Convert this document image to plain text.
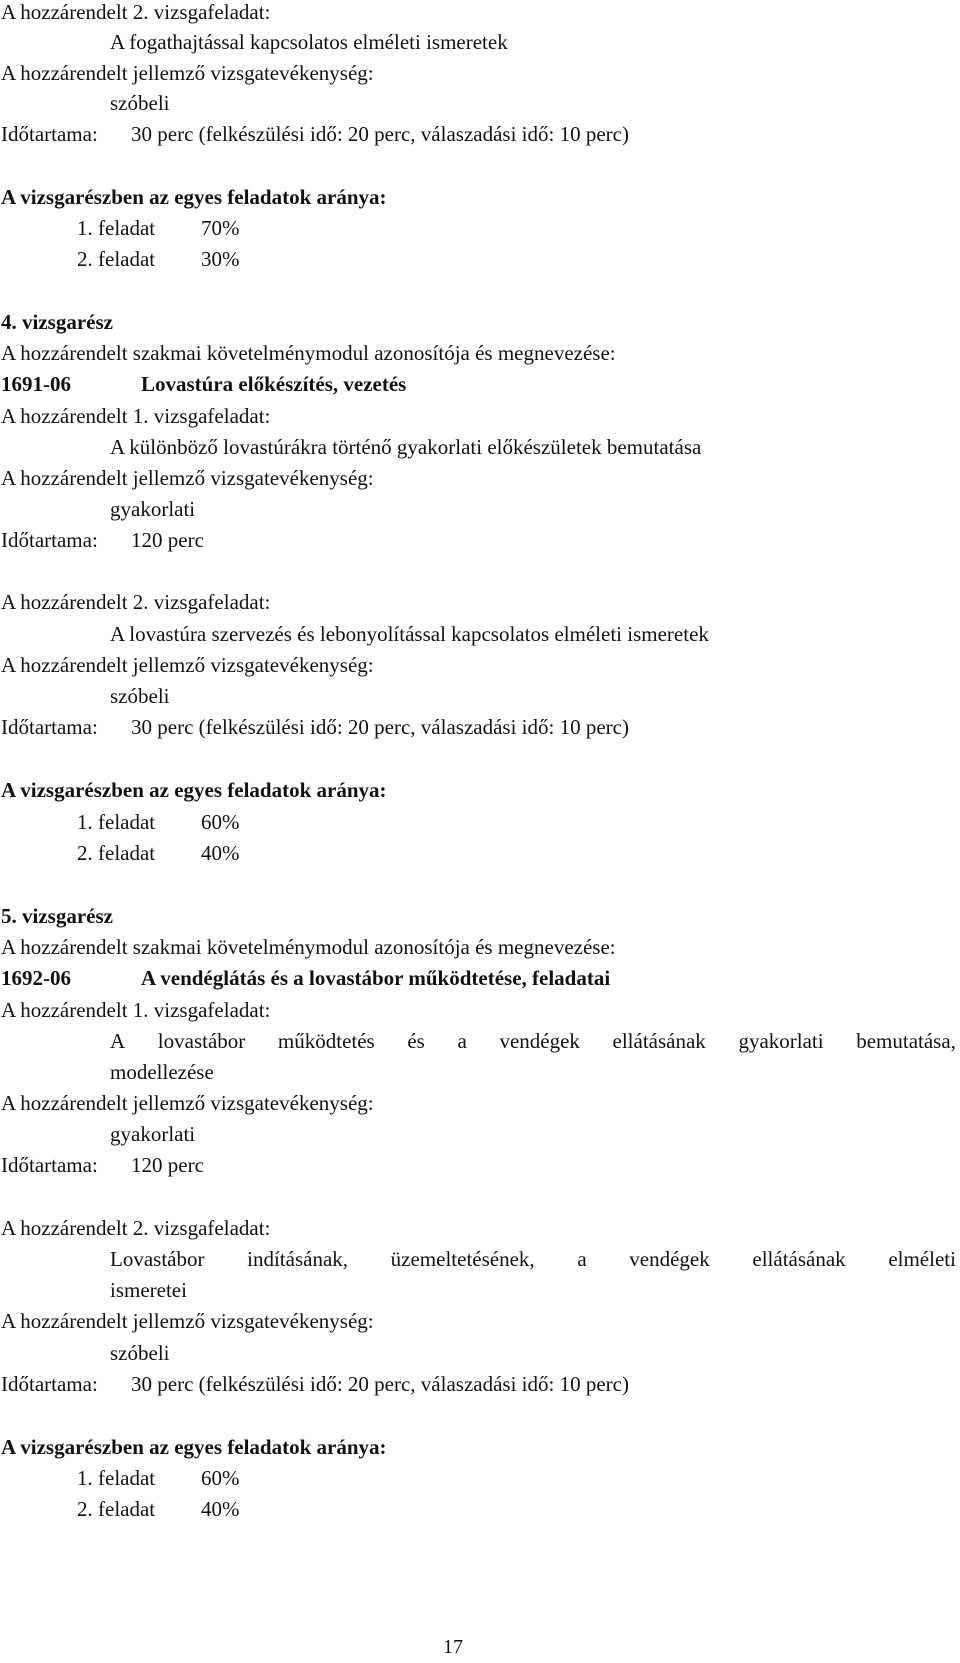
A hozzárendelt 2. vizsgafeladat:
A fogathajtással kapcsolatos elméleti ismeretek
A hozzárendelt jellemző vizsgatevékenység:
szóbeli
Időtartama: 30 perc (felkészülési idő: 20 perc, válaszadási idő: 10 perc)
A vizsgarészben az egyes feladatok aránya:
1. feladat 70%
2. feladat 30%
4. vizsgarész
A hozzárendelt szakmai követelménymodul azonosítója és megnevezése:
1691-06	Lovastúra előkészítés, vezetés
A hozzárendelt 1. vizsgafeladat:
A különböző lovastúrákra történő gyakorlati előkészületek bemutatása
A hozzárendelt jellemző vizsgatevékenység:
gyakorlati
Időtartama: 120 perc
A hozzárendelt 2. vizsgafeladat:
A lovastúra szervezés és lebonyolítással kapcsolatos elméleti ismeretek
A hozzárendelt jellemző vizsgatevékenység:
szóbeli
Időtartama: 30 perc (felkészülési idő: 20 perc, válaszadási idő: 10 perc)
A vizsgarészben az egyes feladatok aránya:
1. feladat 60%
2. feladat 40%
5. vizsgarész
A hozzárendelt szakmai követelménymodul azonosítója és megnevezése:
1692-06	A vendéglátás és a lovastábor működtetése, feladatai
A hozzárendelt 1. vizsgafeladat:
A lovastábor működtetés és a vendégek ellátásának gyakorlati bemutatása,
modellezése
A hozzárendelt jellemző vizsgatevékenység:
gyakorlati
Időtartama: 120 perc
A hozzárendelt 2. vizsgafeladat:
Lovastábor indításának, üzemeltetésének, a vendégek ellátásának elméleti
ismeretei
A hozzárendelt jellemző vizsgatevékenység:
szóbeli
Időtartama: 30 perc (felkészülési idő: 20 perc, válaszadási idő: 10 perc)
A vizsgarészben az egyes feladatok aránya:
1. feladat 60%
2. feladat 40%
17
